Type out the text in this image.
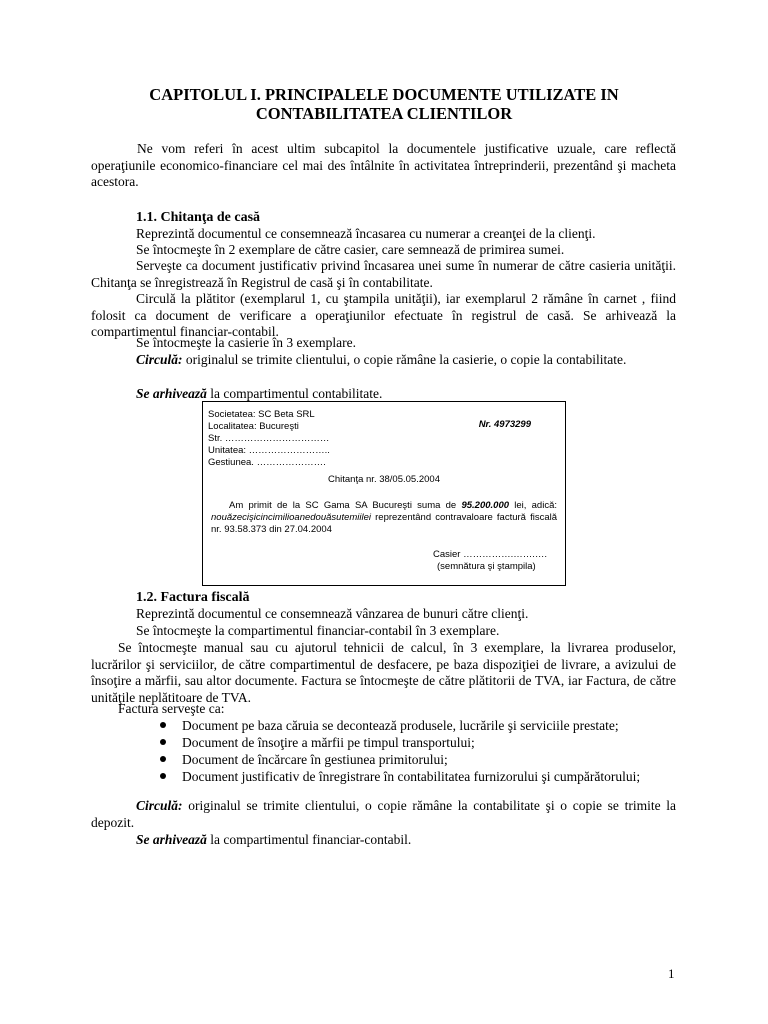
CAPITOLUL I. PRINCIPALELE DOCUMENTE UTILIZATE IN
CONTABILITATEA CLIENTILOR

Ne vom referi în acest ultim subcapitol la documentele justificative uzuale, care reflectă operaţiunile economico-financiare cel mai des întâlnite în activitatea întreprinderii, prezentând şi macheta acestora.

1.1. Chitanţa de casă

Reprezintă documentul ce consemnează încasarea cu numerar a creanţei de la clienţi.

Se întocmeşte în 2 exemplare de către casier, care semnează de primirea sumei.

Serveşte ca document justificativ privind încasarea unei sume în numerar de către casieria unităţii. Chitanţa se înregistrează în Registrul de casă şi în contabilitate.

Circulă la plătitor (exemplarul 1, cu ştampila unităţii), iar exemplarul 2 rămâne în carnet , fiind folosit ca document de verificare a operaţiunilor efectuate în registrul de casă. Se arhivează la compartimentul financiar-contabil.

Se întocmeşte la casierie în 3 exemplare.

Circulă: originalul se trimite clientului, o copie rămâne la casierie, o copie la contabilitate.

Se arhivează la compartimentul contabilitate.

Societatea: SC Beta SRL
Localitatea: Bucureşti
Str. ……………………………
Unitatea: ……………………..
Gestiunea. ………………….
Nr. 4973299
Chitanţa nr. 38/05.05.2004
Am primit de la SC Gama SA Bucureşti suma de 95.200.000 lei, adică: nouăzecişicincimilioanedouăsutemiilei reprezentând contravaloare factură fiscală nr. 93.58.373 din 27.04.2004
Casier …………….…….….
(semnătura şi ştampila)

1.2. Factura fiscală

Reprezintă documentul ce consemnează vânzarea de bunuri către clienţi.

Se întocmeşte la compartimentul financiar-contabil în 3 exemplare.

Se întocmeşte manual sau cu ajutorul tehnicii de calcul, în 3 exemplare, la livrarea produselor, lucrărilor şi serviciilor, de către compartimentul de desfacere, pe baza dispoziţiei de livrare, a avizului de însoţire a mărfii, sau altor documente. Factura se întocmeşte de către plătitorii de TVA, iar Factura, de către unităţile neplătitoare de TVA.

Factura serveşte ca:

Document pe baza căruia se decontează produsele, lucrările şi serviciile prestate;
Document de însoţire a mărfii pe timpul transportului;
Document de încărcare în gestiunea primitorului;
Document justificativ de înregistrare în contabilitatea furnizorului şi cumpărătorului;

Circulă: originalul se trimite clientului, o copie rămâne la contabilitate şi o copie se trimite la depozit.

Se arhivează la compartimentul financiar-contabil.

1
